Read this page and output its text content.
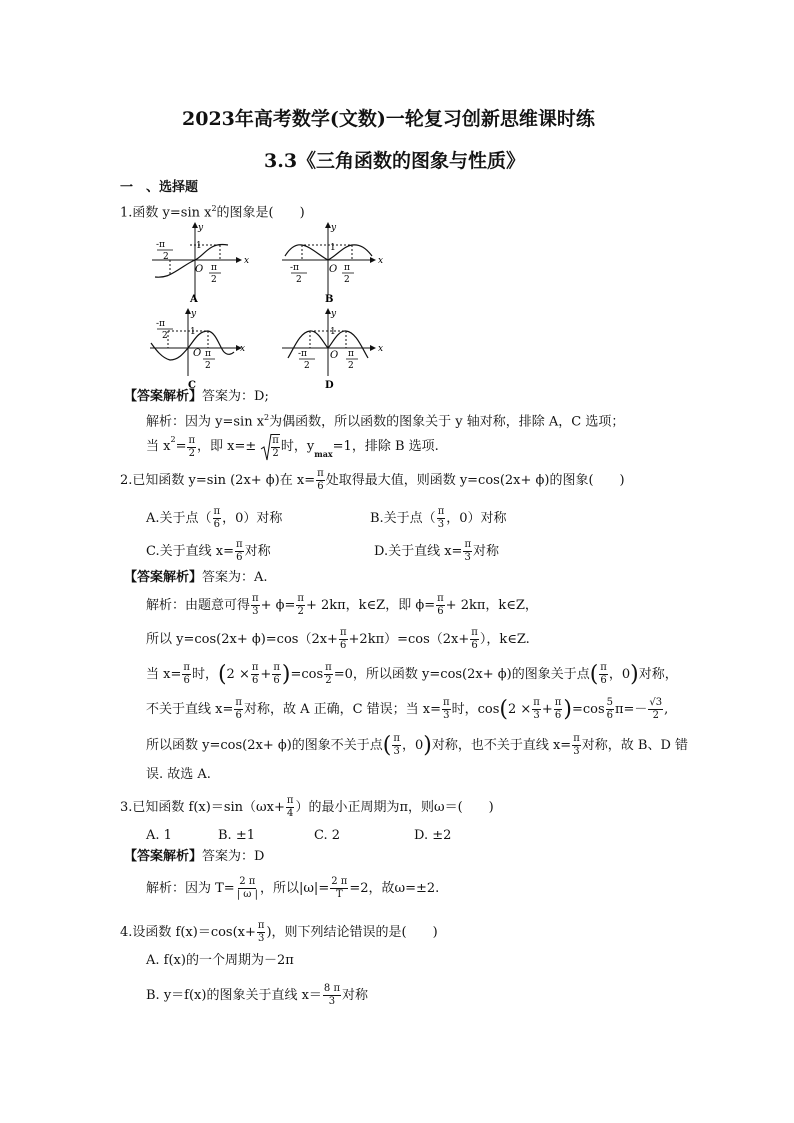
2023年高考数学(文数)一轮复习创新思维课时练
3.3《三角函数的图象与性质》
一　、选择题
1.函数 y=sin $x^2$的图象是(　　)
y
x
1
O
-π
2
π
2
A
y
x
1
O
-π
2
π
2
B
y
x
1
O
-π
2
π
2
C
y
x
1
O
-π
2
π
2
D
【答案解析】答案为：D;
解析：因为 y=sin $x^2$为偶函数，所以函数的图象关于 y 轴对称，排除 A，C 选项；
当 $x^2 = \frac{\pi}{2}$ ，即 $x=\pm \frac{\pi}{2}$ 时，$y_{max} =1$，排除 B 选项.
2.已知函数 y=sin (2x+ ϕ)在 $x= \frac{\pi}{6}$ 处取得最大值，则函数 y=cos(2x+ ϕ)的图象(　　)
A.关于点（ $\frac{\pi}{6}$ ，0）对称	B.关于点（ $\frac{\pi}{3}$ ，0）对称
C.关于直线 $x= \frac{\pi}{6}$ 对称	D.关于直线 $x= \frac{\pi}{3}$ 对称
【答案解析】答案为：A.
解析：由题意可得 $\frac{\pi}{3} + \phi= \frac{\pi}{2} + 2k\pi$，k∈Z，即 $\phi= \frac{\pi}{6} + 2k\pi$，k∈Z，
所以 $y=\cos(2x+ \phi)=\cos(2x+ \frac{\pi}{6} +2k\pi)=\cos(2x+ \frac{\pi}{6}$ ），k∈Z.
当 $x= \frac{\pi}{6}$ 时， ( $2 \times \frac{\pi}{6} + \frac{\pi}{6}$ ) $=\cos \frac{\pi}{2} =0$，所以函数 y=cos(2x+ ϕ)的图象关于点 ( $\frac{\pi}{6}$ ，0 ) 对称，
不关于直线 $x= \frac{\pi}{6}$ 对称，故 A 正确，C 错误；当 $x= \frac{\pi}{3}$ 时，cos ( $2 \times \frac{\pi}{3} + \frac{\pi}{6}$ ) $=\cos \frac{5}{6} \pi=- \frac{√3}{2}$ ,
所以函数 y=cos(2x+ ϕ)的图象不关于点 ( $\frac{\pi}{3}$ ，0 ) 对称，也不关于直线 $x= \frac{\pi}{3}$ 对称，故 B、D 错
误. 故选 A.
3.已知函数 $f(x)=\sin(\omega x+ \frac{\pi}{4}$ ）的最小正周期为π，则ω＝(　　)
A. 1	B. ±1	C. 2	D. ±2
【答案解析】答案为：D
解析：因为 $T= \frac{2 \pi}{| \omega |}$ ，所以$|\omega|= \frac{2 \pi}{T} =2$，故ω=±2.
4.设函数 $f(x)=\cos(x+ \frac{\pi}{3}$ )，则下列结论错误的是(　　)
A. f(x)的一个周期为－2π
B. y＝f(x)的图象关于直线 $x= \frac{8 \pi}{3}$ 对称
